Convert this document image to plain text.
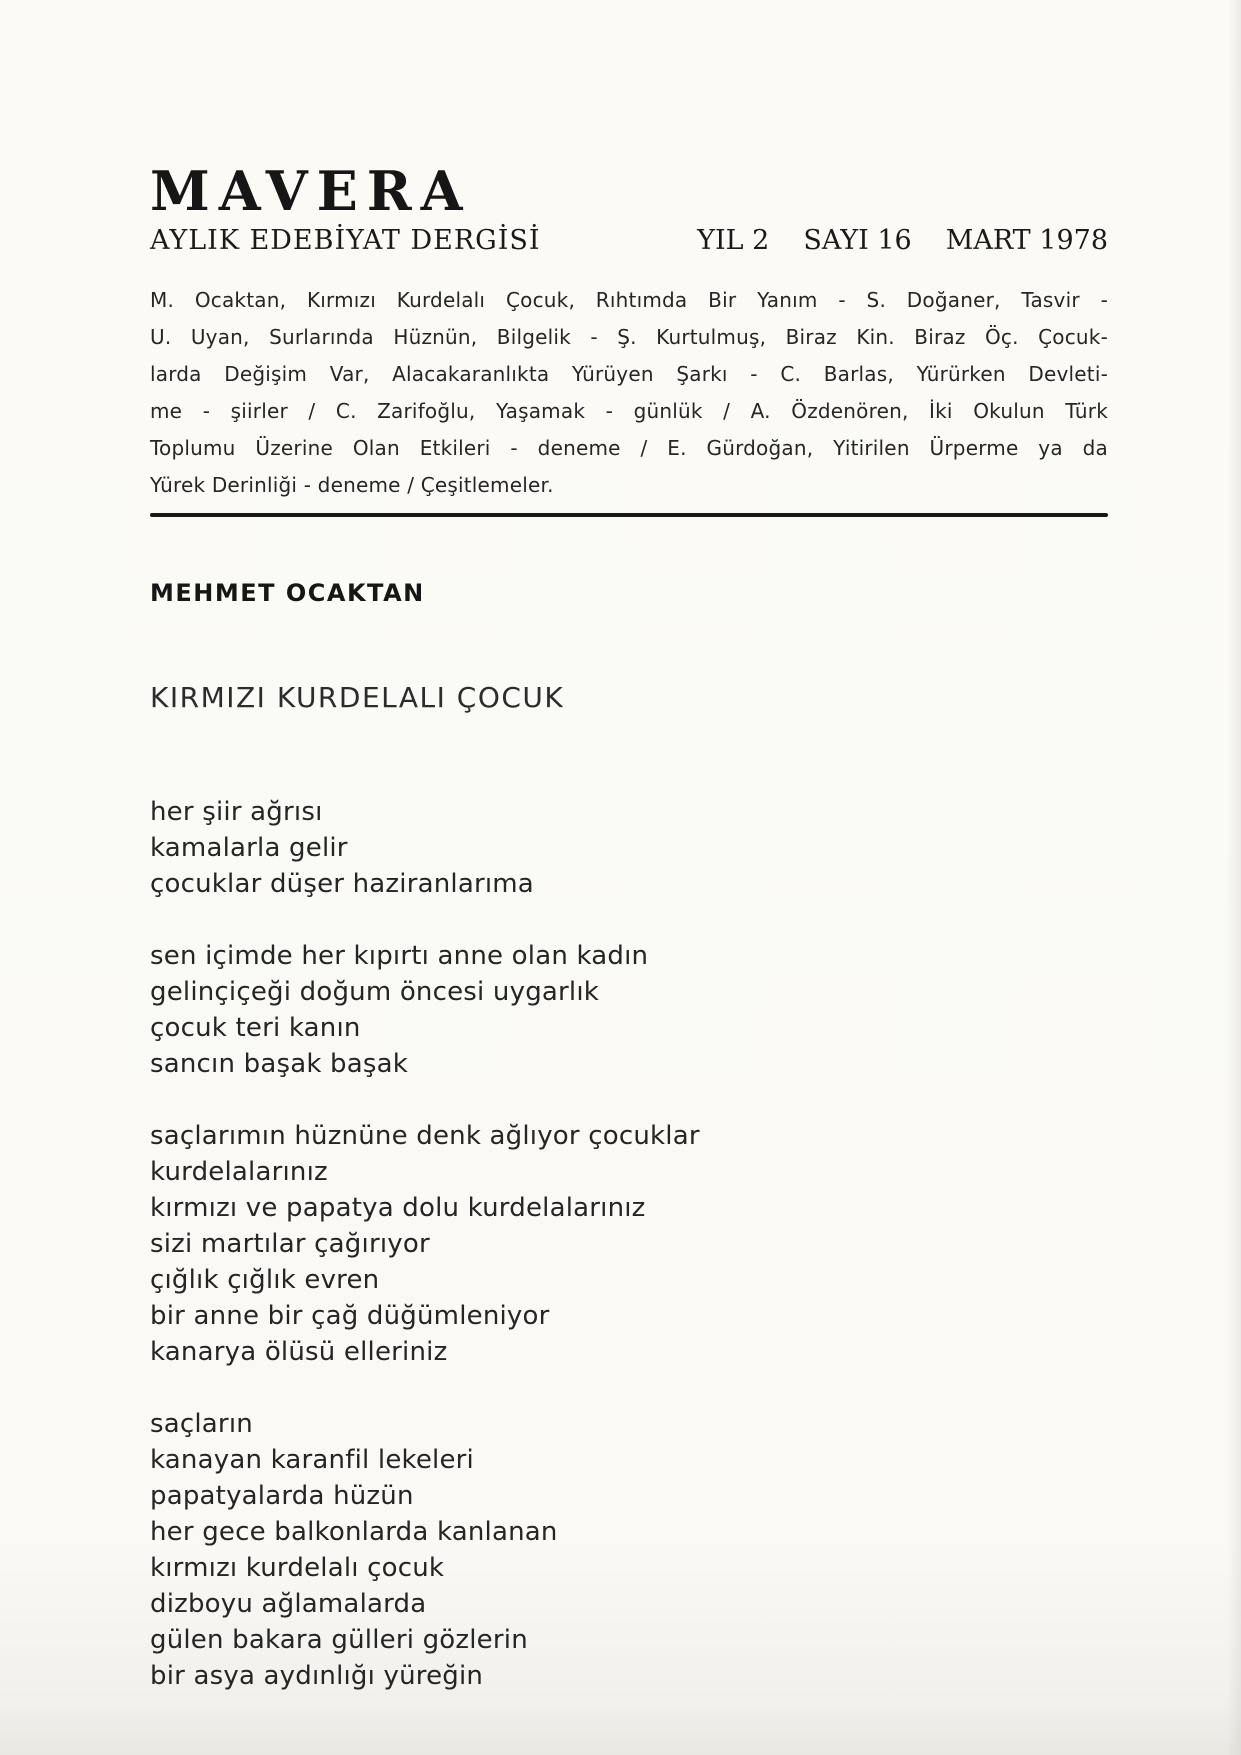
MAVERA
AYLIK EDEBİYAT DERGİSİ	YIL 2 SAYI 16 MART 1978
M. Ocaktan, Kırmızı Kurdelalı Çocuk, Rıhtımda Bir Yanım - S. Doğaner, Tasvir -
U. Uyan, Surlarında Hüznün, Bilgelik - Ş. Kurtulmuş, Biraz Kin. Biraz Öç. Çocuk-
larda Değişim Var, Alacakaranlıkta Yürüyen Şarkı - C. Barlas, Yürürken Devleti-
me - şiirler / C. Zarifoğlu, Yaşamak - günlük / A. Özdenören, İki Okulun Türk
Toplumu Üzerine Olan Etkileri - deneme / E. Gürdoğan, Yitirilen Ürperme ya da
Yürek Derinliği - deneme / Çeşitlemeler.
MEHMET OCAKTAN
KIRMIZI KURDELALI ÇOCUK
her şiir ağrısı
kamalarla gelir
çocuklar düşer haziranlarıma
sen içimde her kıpırtı anne olan kadın
gelinçiçeği doğum öncesi uygarlık
çocuk teri kanın
sancın başak başak
saçlarımın hüznüne denk ağlıyor çocuklar
kurdelalarınız
kırmızı ve papatya dolu kurdelalarınız
sizi martılar çağırıyor
çığlık çığlık evren
bir anne bir çağ düğümleniyor
kanarya ölüsü elleriniz
saçların
kanayan karanfil lekeleri
papatyalarda hüzün
her gece balkonlarda kanlanan
kırmızı kurdelalı çocuk
dizboyu ağlamalarda
gülen bakara gülleri gözlerin
bir asya aydınlığı yüreğin
